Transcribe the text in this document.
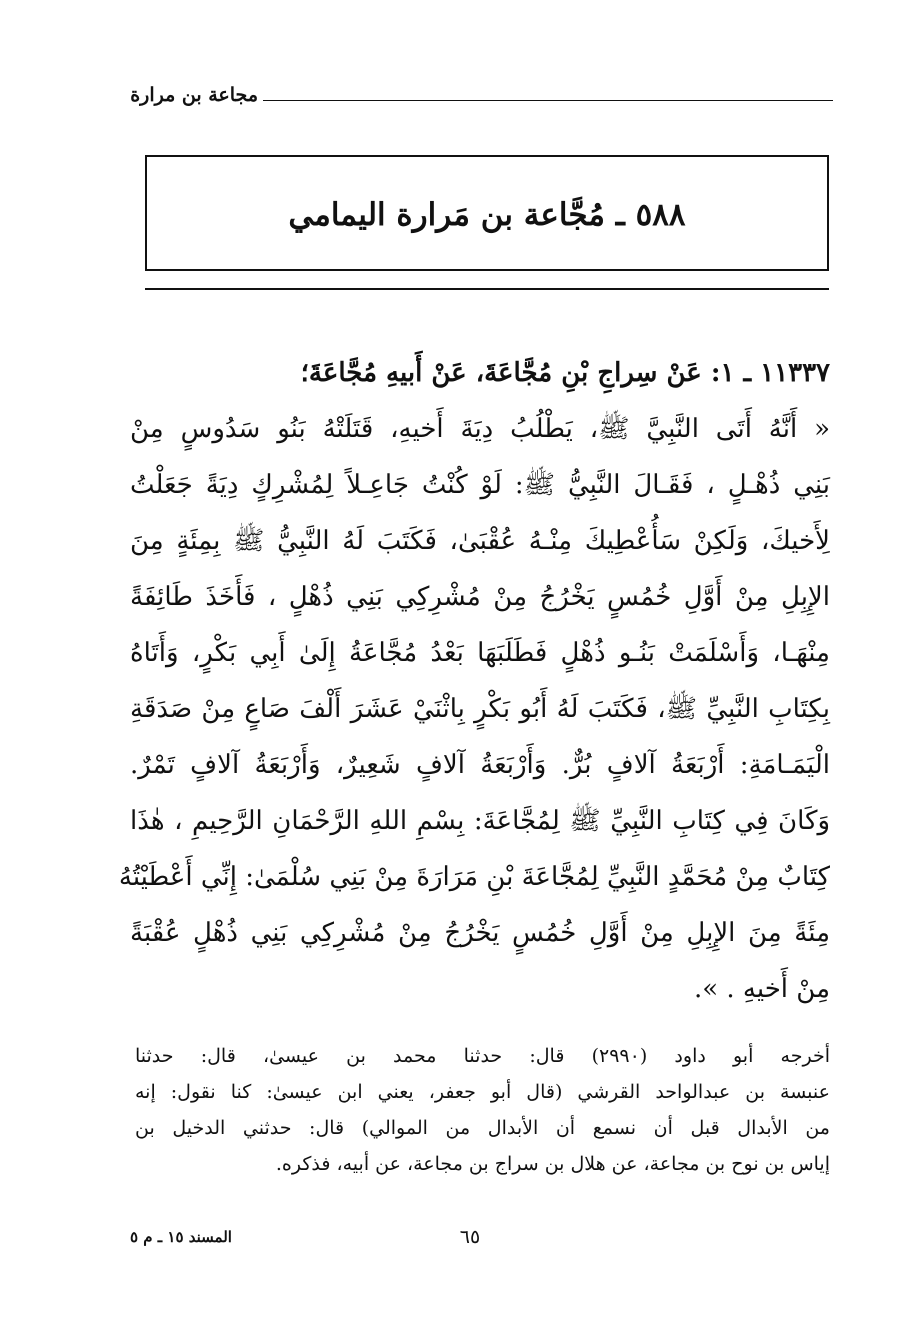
مجاعة بن مرارة
٥٨٨ ـ مُجَّاعة بن مَرارة اليمامي
١١٣٣٧ ـ ١: عَنْ سِراجِ بْنِ مُجَّاعَةَ، عَنْ أَبيهِ مُجَّاعَةَ؛
« أَنَّهُ أَتَى النَّبِيَّ ﷺ، يَطْلُبُ دِيَةَ أَخيهِ، قَتَلَتْهُ بَنُو سَدُوسٍ مِنْ
بَنِي ذُهْـلٍ ، فَقَـالَ النَّبِيُّ ﷺ: لَوْ كُنْتُ جَاعِـلاً لِمُشْرِكٍ دِيَةً جَعَلْتُ
لِأَخيكَ، وَلَكِنْ سَأُعْطِيكَ مِنْـهُ عُقْبَىٰ، فَكَتَبَ لَهُ النَّبِيُّ ﷺ بِمِئَةٍ مِنَ
الإِبِلِ مِنْ أَوَّلِ خُمُسٍ يَخْرُجُ مِنْ مُشْرِكِي بَنِي ذُهْلٍ ، فَأَخَذَ طَائِفَةً
مِنْهَـا، وَأَسْلَمَتْ بَنُـو ذُهْلٍ فَطَلَبَهَا بَعْدُ مُجَّاعَةُ إِلَىٰ أَبِي بَكْرٍ، وَأَتَاهُ
بِكِتَابِ النَّبِيِّ ﷺ، فَكَتَبَ لَهُ أَبُو بَكْرٍ بِاثْنَيْ عَشَرَ أَلْفَ صَاعٍ مِنْ صَدَقَةِ
الْيَمَـامَةِ: أَرْبَعَةُ آلافٍ بُرٌّ. وَأَرْبَعَةُ آلافٍ شَعِيرٌ، وَأَرْبَعَةُ آلافٍ تَمْرٌ.
وَكَانَ فِي كِتَابِ النَّبِيِّ ﷺ لِمُجَّاعَةَ: بِسْمِ اللهِ الرَّحْمَانِ الرَّحِيمِ ، هٰذَا
كِتَابٌ مِنْ مُحَمَّدٍ النَّبِيِّ لِمُجَّاعَةَ بْنِ مَرَارَةَ مِنْ بَنِي سُلْمَىٰ: إِنِّي أَعْطَيْتُهُ
مِئَةً مِنَ الإِبِلِ مِنْ أَوَّلِ خُمُسٍ يَخْرُجُ مِنْ مُشْرِكِي بَنِي ذُهْلٍ عُقْبَةً
مِنْ أَخيهِ . ».
أخرجه أبو داود (٢٩٩٠) قال: حدثنا محمد بن عيسىٰ، قال: حدثنا
عنبسة بن عبدالواحد القرشي (قال أبو جعفر، يعني ابن عيسىٰ: كنا نقول: إنه
من الأبدال قبل أن نسمع أن الأبدال من الموالي) قال: حدثني الدخيل بن
إياس بن نوح بن مجاعة، عن هلال بن سراج بن مجاعة، عن أبيه، فذكره.
٦٥
المسند ١٥ ـ م ٥
